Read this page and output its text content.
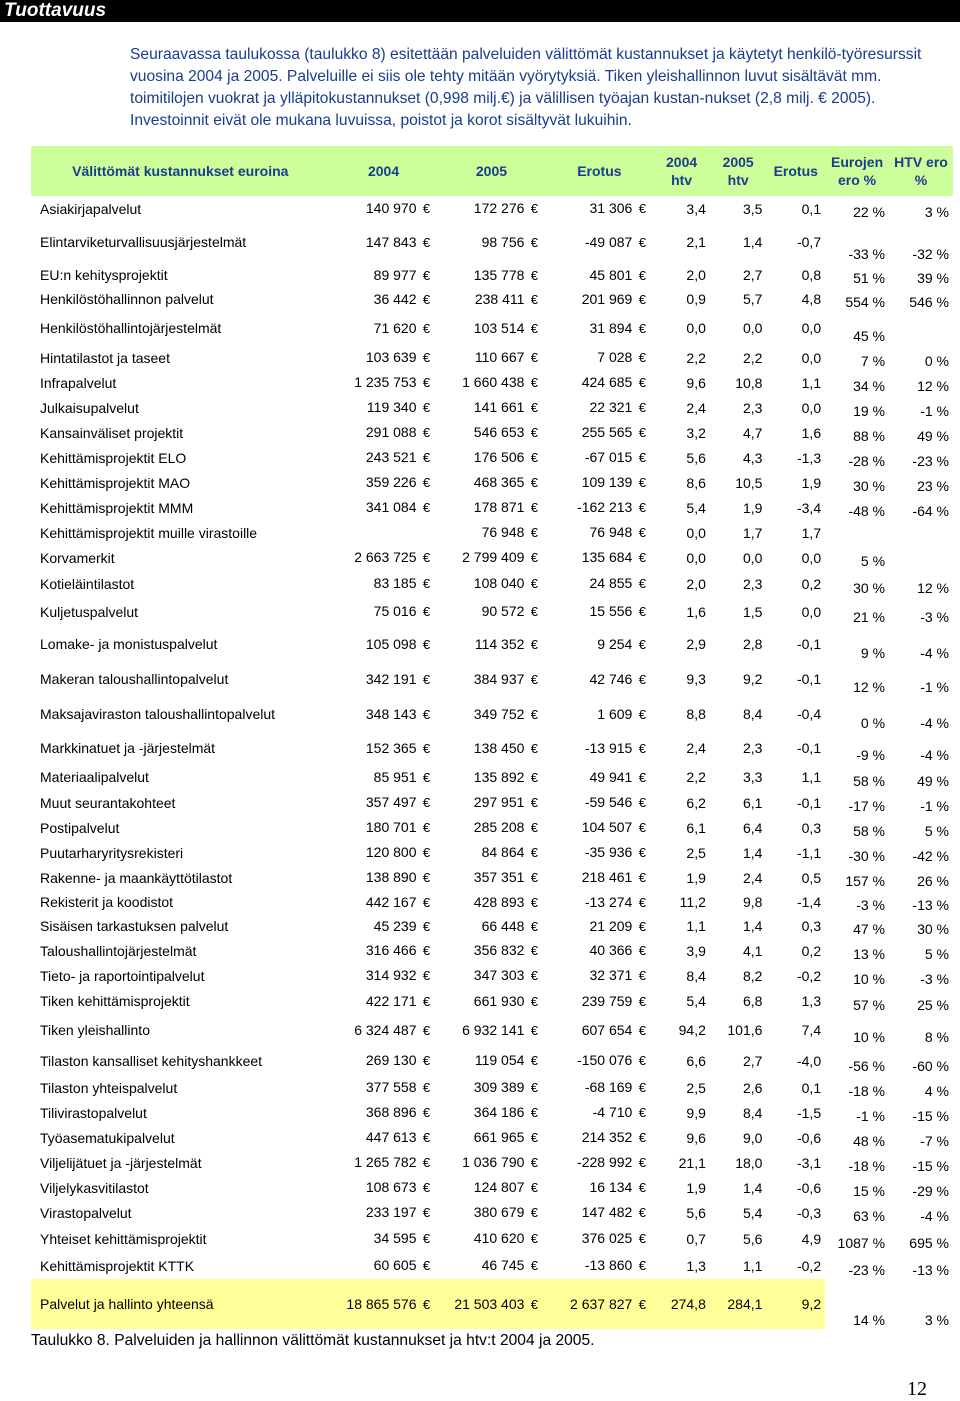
Tuottavuus

Seuraavassa taulukossa (taulukko 8) esitettään palveluiden välittömät kustannukset ja käytetyt henkilö-työresurssit vuosina 2004 ja 2005. Palveluille ei siis ole tehty mitään vyörytyksiä. Tiken yleishallinnon luvut sisältävät mm. toimitilojen vuokrat ja ylläpitokustannukset (0,998 milj.€) ja välillisen työajan kustan-nukset (2,8 milj. € 2005). Investoinnit eivät ole mukana luvuissa, poistot ja korot sisältyvät lukuihin.

Välittömät kustannukset euroina	2004	2005	Erotus	2004 htv	2005 htv	Erotus	Eurojen ero %	HTV ero %
Asiakirjapalvelut	140 970 €	172 276 €	31 306 €	3,4	3,5	0,1	22 %	3 %
Elintarviketurvallisuusjärjestelmät	147 843 €	98 756 €	-49 087 €	2,1	1,4	-0,7	-33 %	-32 %
EU:n kehitysprojektit	89 977 €	135 778 €	45 801 €	2,0	2,7	0,8	51 %	39 %
Henkilöstöhallinnon palvelut	36 442 €	238 411 €	201 969 €	0,9	5,7	4,8	554 %	546 %
Henkilöstöhallintojärjestelmät	71 620 €	103 514 €	31 894 €	0,0	0,0	0,0	45 %	
Hintatilastot ja taseet	103 639 €	110 667 €	7 028 €	2,2	2,2	0,0	7 %	0 %
Infrapalvelut	1 235 753 €	1 660 438 €	424 685 €	9,6	10,8	1,1	34 %	12 %
Julkaisupalvelut	119 340 €	141 661 €	22 321 €	2,4	2,3	0,0	19 %	-1 %
Kansainväliset projektit	291 088 €	546 653 €	255 565 €	3,2	4,7	1,6	88 %	49 %
Kehittämisprojektit ELO	243 521 €	176 506 €	-67 015 €	5,6	4,3	-1,3	-28 %	-23 %
Kehittämisprojektit MAO	359 226 €	468 365 €	109 139 €	8,6	10,5	1,9	30 %	23 %
Kehittämisprojektit MMM	341 084 €	178 871 €	-162 213 €	5,4	1,9	-3,4	-48 %	-64 %
Kehittämisprojektit muille virastoille		76 948 €	76 948 €	0,0	1,7	1,7		
Korvamerkit	2 663 725 €	2 799 409 €	135 684 €	0,0	0,0	0,0	5 %	
Kotieläintilastot	83 185 €	108 040 €	24 855 €	2,0	2,3	0,2	30 %	12 %
Kuljetuspalvelut	75 016 €	90 572 €	15 556 €	1,6	1,5	0,0	21 %	-3 %
Lomake- ja monistuspalvelut	105 098 €	114 352 €	9 254 €	2,9	2,8	-0,1	9 %	-4 %
Makeran taloushallintopalvelut	342 191 €	384 937 €	42 746 €	9,3	9,2	-0,1	12 %	-1 %
Maksajaviraston taloushallintopalvelut	348 143 €	349 752 €	1 609 €	8,8	8,4	-0,4	0 %	-4 %
Markkinatuet ja -järjestelmät	152 365 €	138 450 €	-13 915 €	2,4	2,3	-0,1	-9 %	-4 %
Materiaalipalvelut	85 951 €	135 892 €	49 941 €	2,2	3,3	1,1	58 %	49 %
Muut seurantakohteet	357 497 €	297 951 €	-59 546 €	6,2	6,1	-0,1	-17 %	-1 %
Postipalvelut	180 701 €	285 208 €	104 507 €	6,1	6,4	0,3	58 %	5 %
Puutarharyritysrekisteri	120 800 €	84 864 €	-35 936 €	2,5	1,4	-1,1	-30 %	-42 %
Rakenne- ja maankäyttötilastot	138 890 €	357 351 €	218 461 €	1,9	2,4	0,5	157 %	26 %
Rekisterit ja koodistot	442 167 €	428 893 €	-13 274 €	11,2	9,8	-1,4	-3 %	-13 %
Sisäisen tarkastuksen palvelut	45 239 €	66 448 €	21 209 €	1,1	1,4	0,3	47 %	30 %
Taloushallintojärjestelmät	316 466 €	356 832 €	40 366 €	3,9	4,1	0,2	13 %	5 %
Tieto- ja raportointipalvelut	314 932 €	347 303 €	32 371 €	8,4	8,2	-0,2	10 %	-3 %
Tiken kehittämisprojektit	422 171 €	661 930 €	239 759 €	5,4	6,8	1,3	57 %	25 %
Tiken yleishallinto	6 324 487 €	6 932 141 €	607 654 €	94,2	101,6	7,4	10 %	8 %
Tilaston kansalliset kehityshankkeet	269 130 €	119 054 €	-150 076 €	6,6	2,7	-4,0	-56 %	-60 %
Tilaston yhteispalvelut	377 558 €	309 389 €	-68 169 €	2,5	2,6	0,1	-18 %	4 %
Tilivirastopalvelut	368 896 €	364 186 €	-4 710 €	9,9	8,4	-1,5	-1 %	-15 %
Työasematukipalvelut	447 613 €	661 965 €	214 352 €	9,6	9,0	-0,6	48 %	-7 %
Viljelijätuet ja -järjestelmät	1 265 782 €	1 036 790 €	-228 992 €	21,1	18,0	-3,1	-18 %	-15 %
Viljelykasvitilastot	108 673 €	124 807 €	16 134 €	1,9	1,4	-0,6	15 %	-29 %
Virastopalvelut	233 197 €	380 679 €	147 482 €	5,6	5,4	-0,3	63 %	-4 %
Yhteiset kehittämisprojektit	34 595 €	410 620 €	376 025 €	0,7	5,6	4,9	1087 %	695 %
Kehittämisprojektit KTTK	60 605 €	46 745 €	-13 860 €	1,3	1,1	-0,2	-23 %	-13 %
Palvelut ja hallinto yhteensä	18 865 576 €	21 503 403 €	2 637 827 €	274,8	284,1	9,2	14 %	3 %
Taulukko 8. Palveluiden ja hallinnon välittömät kustannukset ja htv:t 2004 ja 2005.
12
